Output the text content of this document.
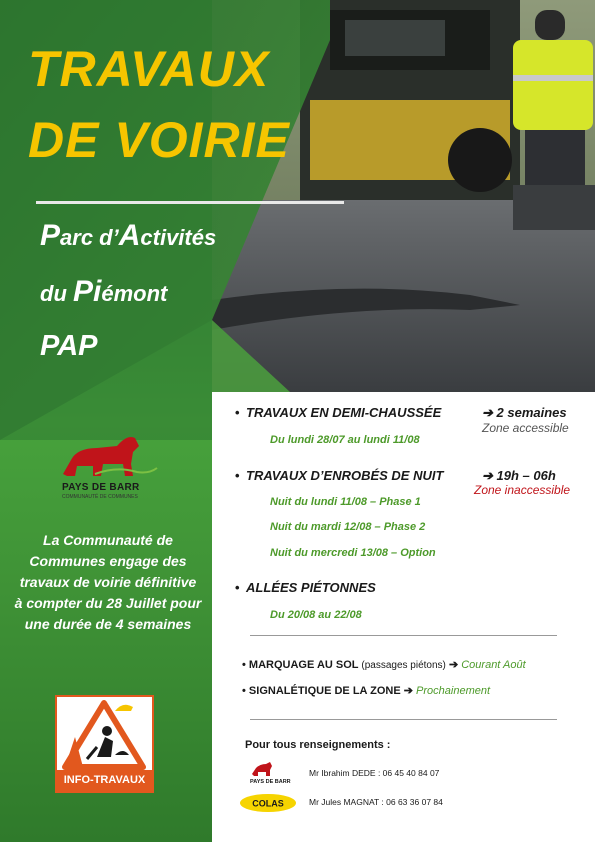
TRAVAUX
DE VOIRIE
Parc d’Activités
du Piémont
PAP
PAYS DE BARR
COMMUNAUTÉ DE COMMUNES
La Communauté de Communes engage des travaux de voirie définitive à compter du 28 Juillet pour une durée de 4 semaines
INFO-TRAVAUX
• TRAVAUX EN DEMI-CHAUSSÉE	➔ 2 semaines
Zone accessible
Du lundi 28/07 au lundi 11/08
• TRAVAUX D’ENROBÉS DE NUIT	➔ 19h – 06h
Zone inaccessible
Nuit du lundi 11/08 – Phase 1
Nuit du mardi 12/08 – Phase 2
Nuit du mercredi 13/08 – Option
• ALLÉES PIÉTONNES
Du 20/08 au 22/08
• MARQUAGE AU SOL (passages piétons) ➔ Courant Août
• SIGNALÉTIQUE DE LA ZONE ➔ Prochainement
Pour tous renseignements :
PAYS DE BARR
Mr Ibrahim DEDE : 06 45 40 84 07
COLAS	Mr Jules MAGNAT : 06 63 36 07 84
